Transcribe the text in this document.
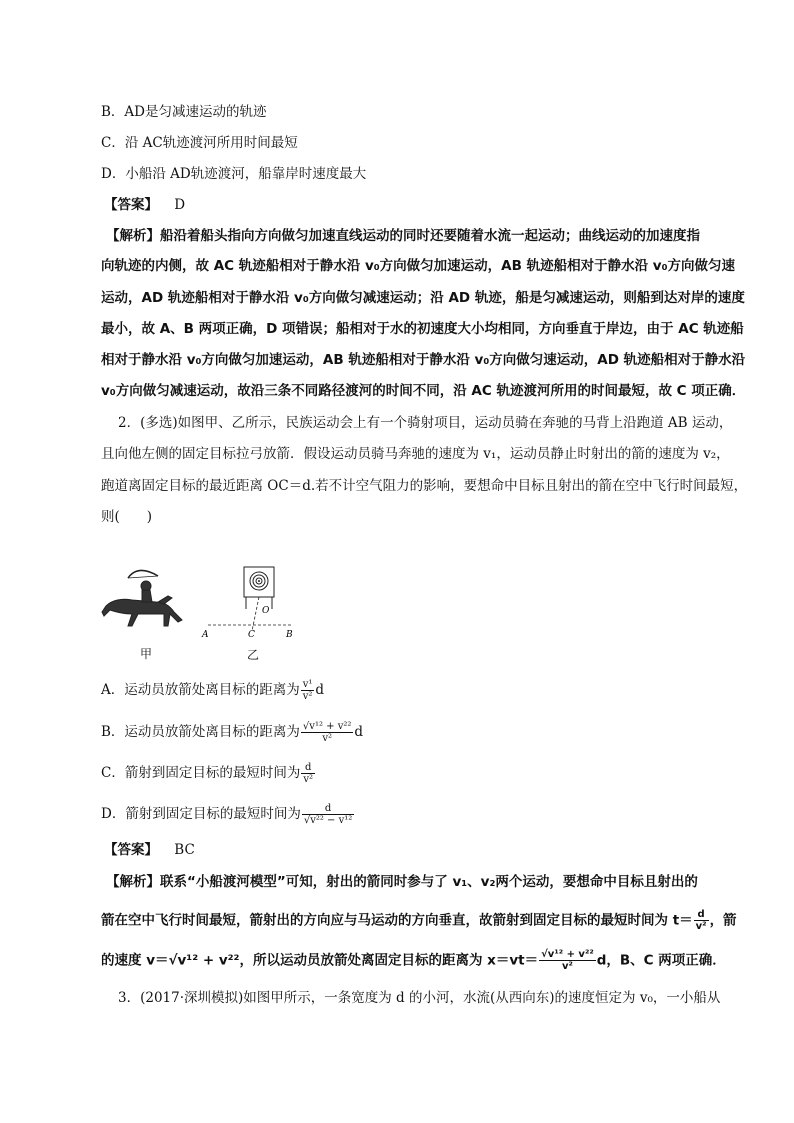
B．AD是匀减速运动的轨迹
C．沿 AC轨迹渡河所用时间最短
D．小船沿 AD轨迹渡河，船靠岸时速度最大
【答案】 D
【解析】船沿着船头指向方向做匀加速直线运动的同时还要随着水流一起运动；曲线运动的加速度指
向轨迹的内侧，故 AC 轨迹船相对于静水沿 v₀方向做匀加速运动，AB 轨迹船相对于静水沿 v₀方向做匀速
运动，AD 轨迹船相对于静水沿 v₀方向做匀减速运动；沿 AD 轨迹，船是匀减速运动，则船到达对岸的速度
最小，故 A、B 两项正确，D 项错误；船相对于水的初速度大小均相同，方向垂直于岸边，由于 AC 轨迹船
相对于静水沿 v₀方向做匀加速运动，AB 轨迹船相对于静水沿 v₀方向做匀速运动，AD 轨迹船相对于静水沿
v₀方向做匀减速运动，故沿三条不同路径渡河的时间不同，沿 AC 轨迹渡河所用的时间最短，故 C 项正确．
2．(多选)如图甲、乙所示，民族运动会上有一个骑射项目，运动员骑在奔驰的马背上沿跑道 AB 运动，
且向他左侧的固定目标拉弓放箭．假设运动员骑马奔驰的速度为 v₁，运动员静止时射出的箭的速度为 v₂，
跑道离固定目标的最近距离 OC＝d.若不计空气阻力的影响，要想命中目标且射出的箭在空中飞行时间最短，
则(　　)
甲
O
A	C	B
乙
A．运动员放箭处离目标的距离为 $\frac{\text{v¹}}{\text{v²}}$ d
B．运动员放箭处离目标的距离为 $\frac{\text{√v¹² + v²²}}{\text{v²}}$ d
C．箭射到固定目标的最短时间为 $\frac{d}{\text{v²}}$
D．箭射到固定目标的最短时间为 $\frac{d}{\text{√v²² − v¹²}}$
【答案】 BC
【解析】联系“小船渡河模型”可知，射出的箭同时参与了 v₁、v₂两个运动，要想命中目标且射出的
箭在空中飞行时间最短，箭射出的方向应与马运动的方向垂直，故箭射到固定目标的最短时间为 $t= \frac{d}{\text{v²}}$ ，箭
的速度 v＝√v¹² + v²²，所以运动员放箭处离固定目标的距离为 $x=vt= \frac{\text{√v¹² + v²²}}{\text{v²}}$ d，B、C 两项正确．
3．(2017·深圳模拟)如图甲所示，一条宽度为 d 的小河，水流(从西向东)的速度恒定为 v₀，一小船从
